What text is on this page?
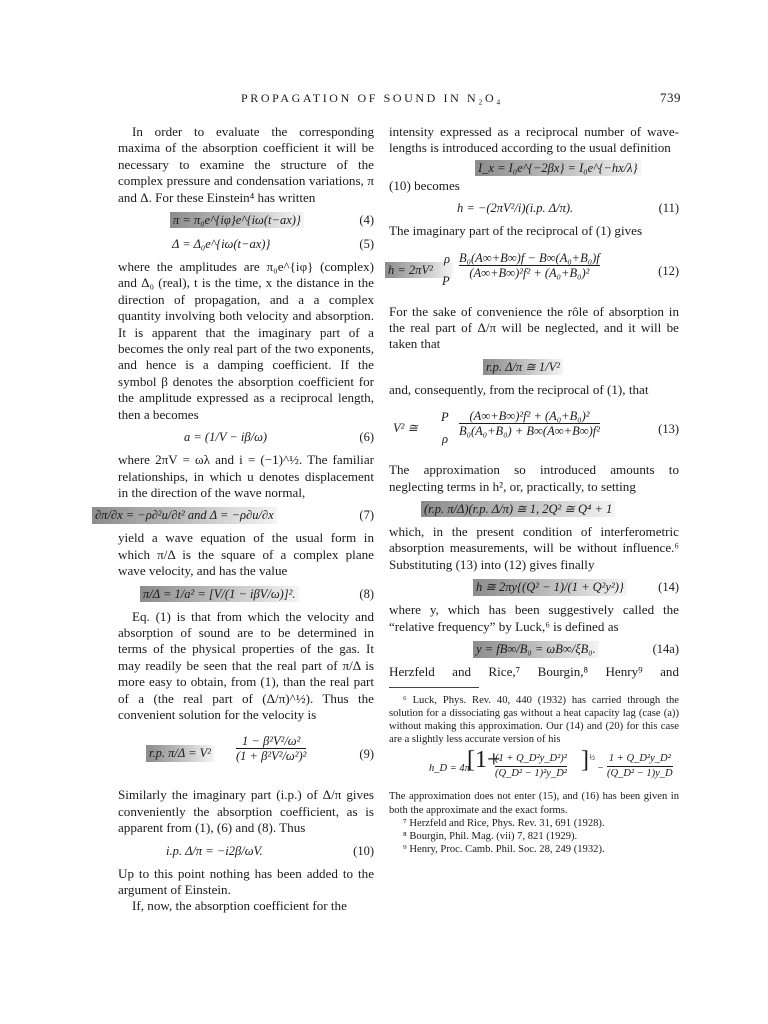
PROPAGATION OF SOUND IN N₂O₄	739

In order to evaluate the corresponding maxima of the absorption coefficient it will be necessary to examine the structure of the complex pressure and condensation variations, π and Δ. For these Einstein⁴ has written

π = π₀e^{iφ}e^{iω(t−ax)}	(4)
Δ = Δ₀e^{iω(t−ax)}	(5)

where the amplitudes are π₀e^{iφ} (complex) and Δ₀ (real), t is the time, x the distance in the direction of propagation, and a a complex quantity involving both velocity and absorption. It is apparent that the imaginary part of a becomes the only real part of the two exponents, and hence is a damping coefficient. If the symbol β denotes the absorption coefficient for the amplitude expressed as a reciprocal length, then a becomes

a = (1/V − iβ/ω)	(6)

where 2πV = ωλ and i = (−1)^½. The familiar relationships, in which u denotes displacement in the direction of the wave normal,

∂π/∂x = −ρ∂²u/∂t² and Δ = −ρ∂u/∂x	(7)

yield a wave equation of the usual form in which π/Δ is the square of a complex plane wave velocity, and has the value

π/Δ = 1/a² = [V/(1 − iβV/ω)]².	(8)

Eq. (1) is that from which the velocity and absorption of sound are to be determined in terms of the physical properties of the gas. It may readily be seen that the real part of π/Δ is more easy to obtain, from (1), than the real part of a (the real part of (Δ/π)^½). Thus the convenient solution for the velocity is

r.p. $\pi/\Delta = V^2 \frac{\text{1 − β²V²/ω²}}{\text{(1 + β²V²/ω²)²}}$	(9)

Similarly the imaginary part (i.p.) of Δ/π gives conveniently the absorption coefficient, as is apparent from (1), (6) and (8). Thus

i.p. Δ/π = −i2β/ωV.	(10)

Up to this point nothing has been added to the argument of Einstein.

If, now, the absorption coefficient for the

intensity expressed as a reciprocal number of wave-lengths is introduced according to the usual definition

I_x = I₀e^{−2βx} = I₀e^{−hx/λ}

(10) becomes

h = −(2πV²/i)(i.p. Δ/π).	(11)

The imaginary part of the reciprocal of (1) gives

h = 2πV²
ρ
P
$\frac{\text{B₀(A∞+B∞)f − B∞(A₀+B₀)f}}{\text{(A∞+B∞)²f² + (A₀+B₀)²}}$	(12)

For the sake of convenience the rôle of absorption in the real part of Δ/π will be neglected, and it will be taken that

r.p. Δ/π ≅ 1/V²

and, consequently, from the reciprocal of (1), that

V² ≅
P
ρ
$\frac{\text{(A∞+B∞)²f² + (A₀+B₀)²}}{\text{B₀(A₀+B₀) + B∞(A∞+B∞)f²}}$	(13)

The approximation so introduced amounts to neglecting terms in h², or, practically, to setting

(r.p. π/Δ)(r.p. Δ/π) ≅ 1, 2Q² ≅ Q⁴ + 1

which, in the present condition of interferometric absorption measurements, will be without influence.⁶ Substituting (13) into (12) gives finally

h ≅ 2πy{(Q² − 1)/(1 + Q²y²)}	(14)

where y, which has been suggestively called the “relative frequency” by Luck,⁶ is defined as

y = fB∞/B₀ = ωB∞/ξB₀.	(14a)

Herzfeld and Rice,⁷ Bourgin,⁸ Henry⁹ and

⁶ Luck, Phys. Rev. 40, 440 (1932) has carried through the solution for a dissociating gas without a heat capacity lag (case (a)) without making this approximation. Our (14) and (20) for this case are a slightly less accurate version of his

h_D = 4π
[1+
$\frac{\text{(1 + Q\_D²y\_D²)²}}{\text{(Q\_D² − 1)²y\_D²}}$ ] ½
− $\frac{\text{1 + Q\_D²y\_D²}}{\text{(Q\_D² − 1)y\_D}}$

The approximation does not enter (15), and (16) has been given in both the approximate and the exact forms.

⁷ Herzfeld and Rice, Phys. Rev. 31, 691 (1928).

⁸ Bourgin, Phil. Mag. (vii) 7, 821 (1929).

⁹ Henry, Proc. Camb. Phil. Soc. 28, 249 (1932).
